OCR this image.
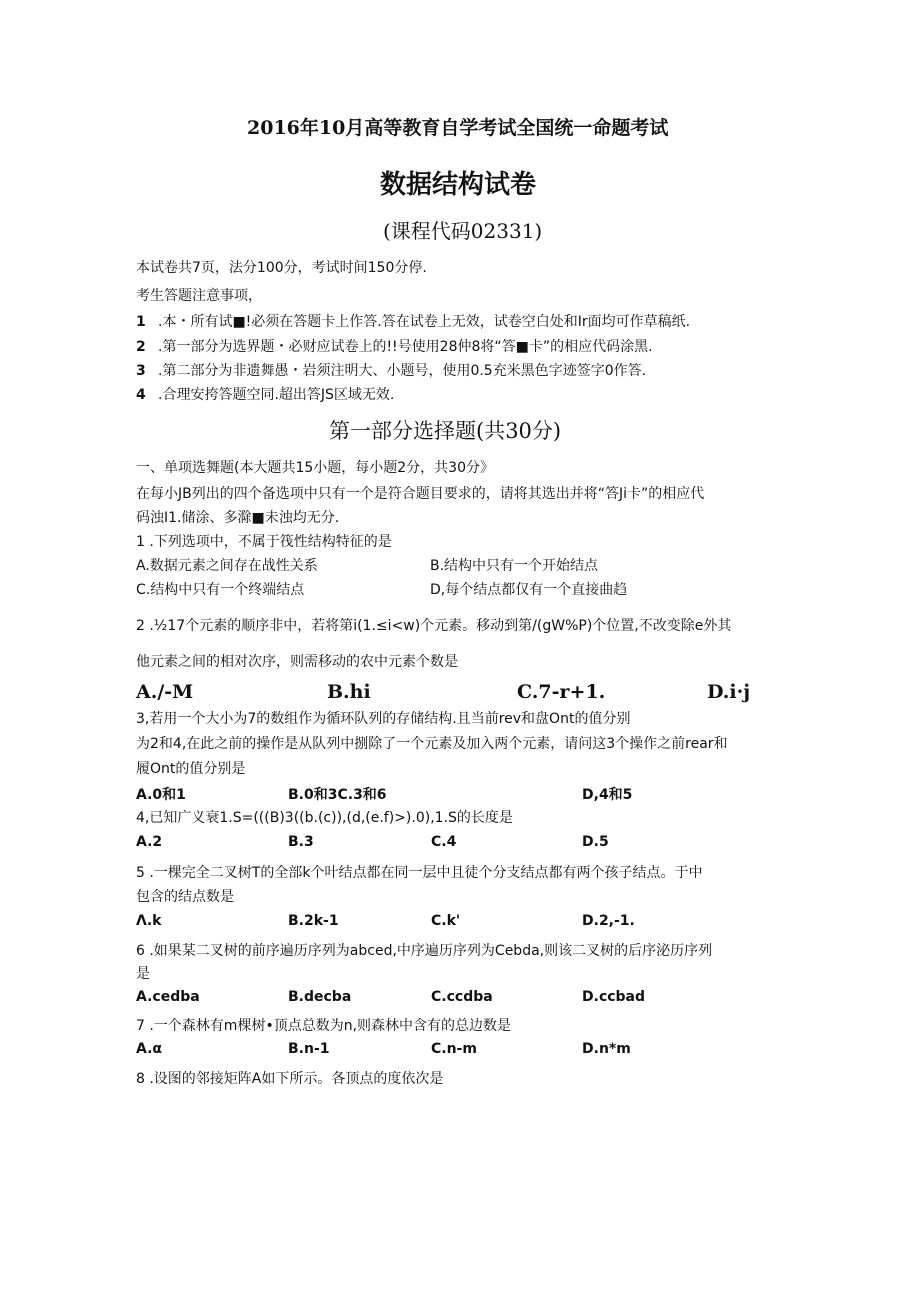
2016年10月高等教育自学考试全国统一命题考试
数据结构试卷
(课程代码02331)
本试卷共7页，法分100分，考试时间150分停.
考生答题注意事项，
1 .本・所有试■!必须在答题卡上作答.答在试卷上无效，试卷空白处和Ir面均可作草稿纸.
2 .第一部分为选界题・必财应试卷上的!!号使用28仲8将“答■卡”的相应代码涂黑.
3 .第二部分为非遗舞愚・岩须注明大、小题号，使用0.5充米黑色字迹签字0作答.
4 .合理安挎答题空同.超出答JS区域无效.
第一部分选择题(共30分)
一、单项选舞题(本大题共15小题，每小题2分，共30分》
在每小JB列出的四个备选项中只有一个是符合题目要求的，请将其选出并将“答Ji卡”的相应代
码浊I1.储涂、多滁■未浊均无分.
1 .下列选项中，不属于筏性结构特征的是
A.数据元素之间存在战性关系	B.结构中只有一个开始结点
C.结构中只有一个终端结点	D,每个结点都仅有一个直接曲趋
2 .½17个元素的顺序非中，若将第i(1.≤i<w)个元素。移动到第/(gW%P)个位置,不改变除e外其
他元素之间的相对次序，则需移动的农中元素个数是
A./-M	B.hi	C.7-r+1.	D.i·j
3,若用一个大小为7的数组作为循环队列的存储结构.且当前rev和盘Ont的值分别
为2和4,在此之前的操作是从队列中捌除了一个元素及加入两个元素，请问这3个操作之前rear和
履Ont的值分别是
A.0和1	B.0和3C.3和6	D,4和5
4,已知广义衰1.S=(((B)3((b.(c)),(d,(e.f)>).0),1.S的长度是
A.2	B.3	C.4	D.5
5 .一棵完全二叉树T的全部k个叶结点都在同一层中且徒个分支结点都有两个孩子结点。于中
包含的结点数是
Λ.k	B.2k-1	C.k'	D.2,-1.
6 .如果某二叉树的前序遍历序列为abced,中序遍历序列为Cebda,则该二叉树的后序泌历序列
是
A.cedba	B.decba	C.ccdba	D.ccbad
7 .一个森林有m棵树•顶点总数为n,则森林中含有的总边数是
A.α	B.n-1	C.n-m	D.n*m
8 .设图的邻接矩阵A如下所示。各顶点的度依次是
